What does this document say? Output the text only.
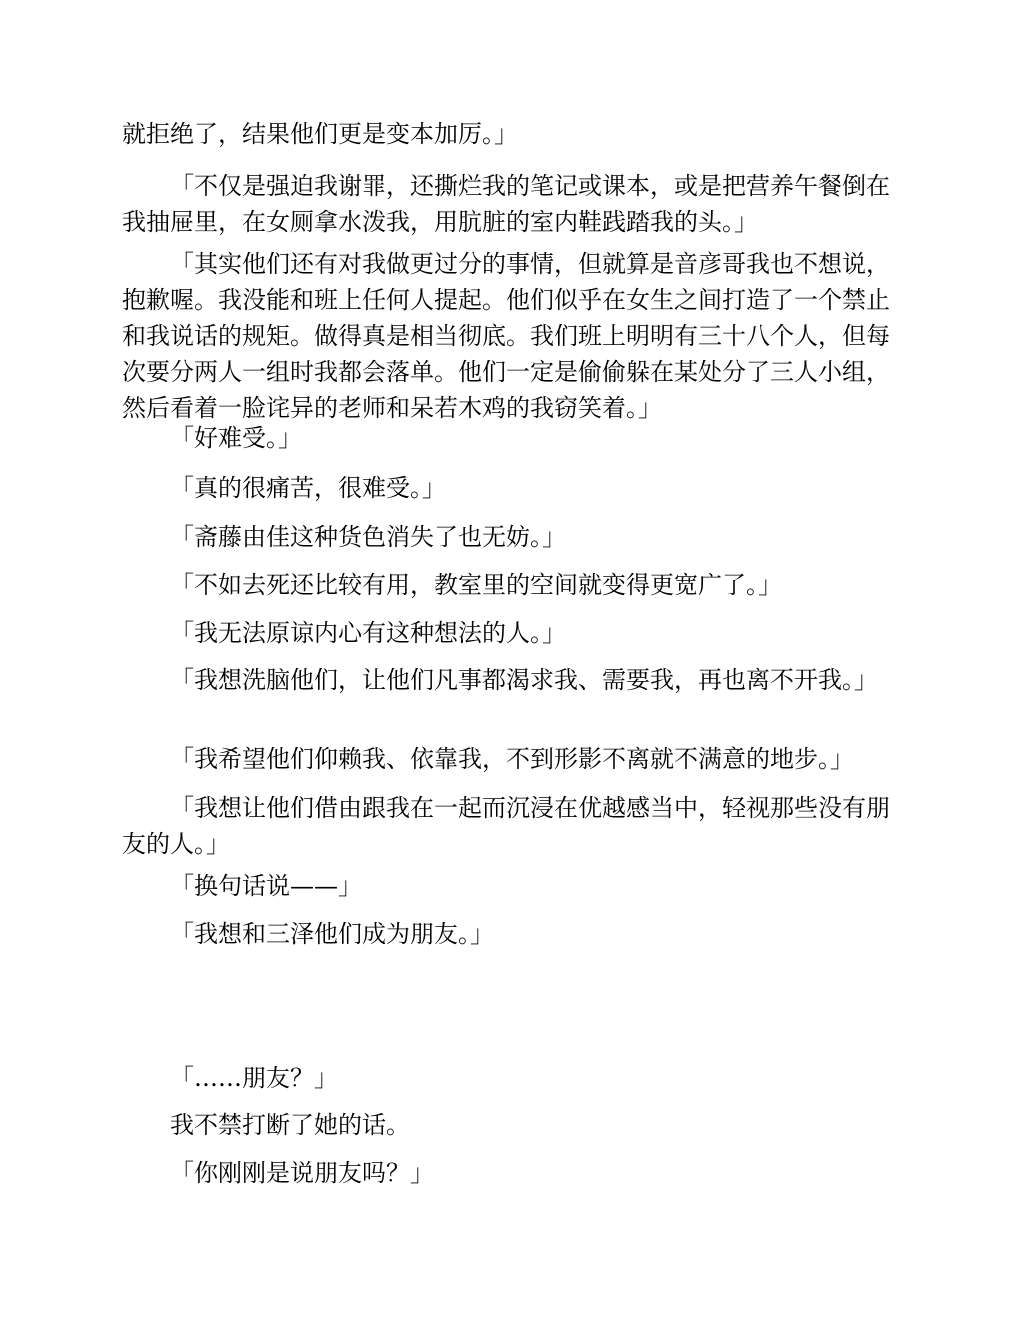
就拒绝了，结果他们更是变本加厉。」

「不仅是强迫我谢罪，还撕烂我的笔记或课本，或是把营养午餐倒在我抽屉里，在女厕拿水泼我，用肮脏的室内鞋践踏我的头。」

「其实他们还有对我做更过分的事情，但就算是音彦哥我也不想说，抱歉喔。我没能和班上任何人提起。他们似乎在女生之间打造了一个禁止和我说话的规矩。做得真是相当彻底。我们班上明明有三十八个人，但每次要分两人一组时我都会落单。他们一定是偷偷躲在某处分了三人小组，然后看着一脸诧异的老师和呆若木鸡的我窃笑着。」

「好难受。」

「真的很痛苦，很难受。」

「斋藤由佳这种货色消失了也无妨。」

「不如去死还比较有用，教室里的空间就变得更宽广了。」

「我无法原谅内心有这种想法的人。」

「我想洗脑他们，让他们凡事都渴求我、需要我，再也离不开我。」

「我希望他们仰赖我、依靠我，不到形影不离就不满意的地步。」

「我想让他们借由跟我在一起而沉浸在优越感当中，轻视那些没有朋友的人。」

「换句话说——」

「我想和三泽他们成为朋友。」

「……朋友？」

我不禁打断了她的话。

「你刚刚是说朋友吗？」
